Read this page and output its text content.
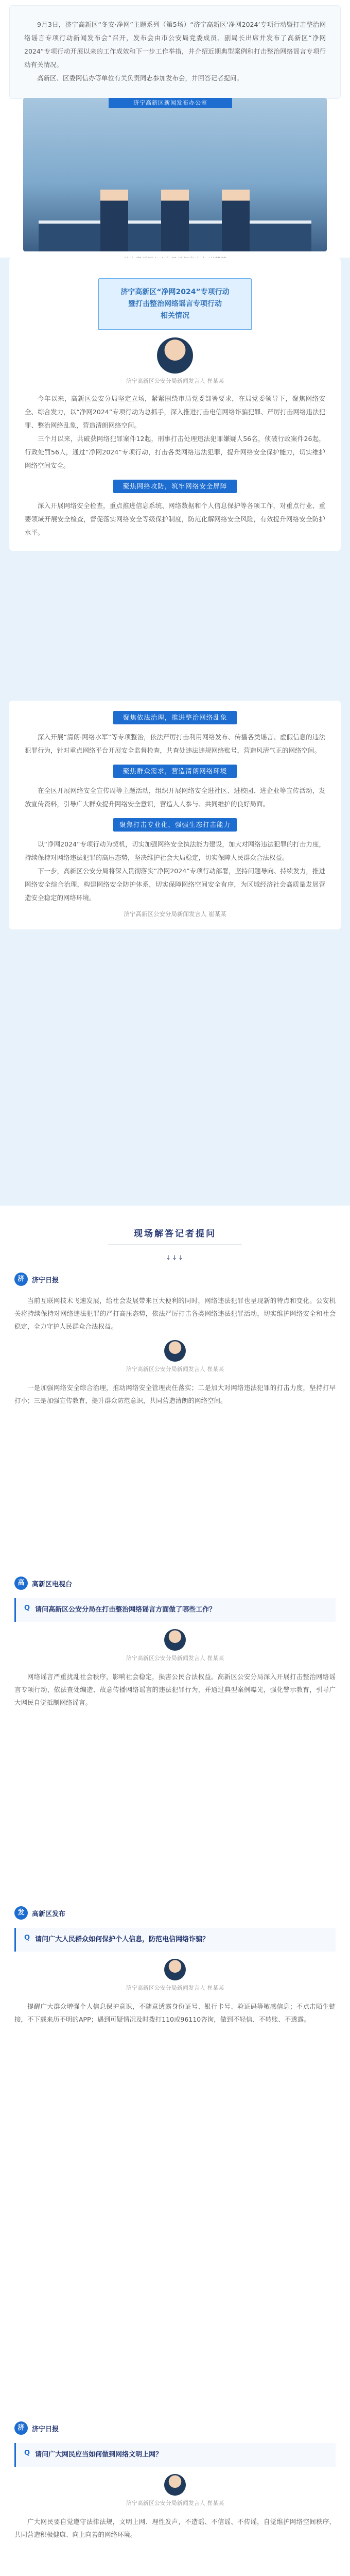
9月3日，济宁高新区“冬安·净网”主题系列（第5场）“济宁高新区‘净网2024’专项行动暨打击整治网络谣言专项行动新闻发布会”召开，发布会由市公安局党委成员、副局长出席并发布了高新区“净网2024”专项行动开展以来的工作成效和下一步工作举措，并介绍近期典型案例和打击整治网络谣言专项行动有关情况。

高新区、区委网信办等单位有关负责同志参加发布会，并回答记者提问。

济宁高新区新闻发布办公室
济宁高新区“净网2024”专项行动
暨打击整治网络谣言专项行动
相关情况
济宁高新区公安分局新闻发言人 崔某某

今年以来，高新区公安分局坚定立场，紧紧围绕市局党委部署要求，在局党委领导下，聚焦网络安全、综合发力，以“净网2024”专项行动为总抓手，深入推进打击电信网络诈骗犯罪、严厉打击网络违法犯罪、整治网络乱象，营造清朗网络空间。

三个月以来，共破获网络犯罪案件12起，刑事打击处理违法犯罪嫌疑人56名，侦破行政案件26起，行政处罚56人，通过“净网2024”专项行动，打击各类网络违法犯罪，提升网络安全保护能力，切实维护网络空间安全。

聚焦网络攻防，筑牢网络安全屏障

深入开展网络安全检查，重点推进信息系统、网络数据和个人信息保护等各项工作，对重点行业、重要领域开展安全检查，督促落实网络安全等级保护制度，防范化解网络安全风险，有效提升网络安全防护水平。

聚焦依法治理，推进整治网络乱象

深入开展“清朗·网络水军”等专项整治，依法严厉打击利用网络发布、传播各类谣言、虚假信息的违法犯罪行为，针对重点网络平台开展安全监督检查，共查处违法违规网络账号，营造风清气正的网络空间。

聚焦群众需求，营造清朗网络环境

在全区开展网络安全宣传周等主题活动，组织开展网络安全进社区、进校园、进企业等宣传活动，发放宣传资料，引导广大群众提升网络安全意识，营造人人参与、共同维护的良好局面。

聚焦打击专业化，强强生态打击能力

以“净网2024”专项行动为契机，切实加强网络安全执法能力建设，加大对网络违法犯罪的打击力度，持续保持对网络违法犯罪的高压态势，坚决维护社会大局稳定，切实保障人民群众合法权益。

下一步，高新区公安分局将深入贯彻落实“净网2024”专项行动部署，坚持问题导向、持续发力，推进网络安全综合治理，构建网络安全防护体系，切实保障网络空间安全有序，为区域经济社会高质量发展营造安全稳定的网络环境。

济宁高新区公安分局新闻发言人 崔某某
现场解答记者提问
↓↓↓
济	济宁日报

当前互联网技术飞速发展，给社会发展带来巨大便利的同时，网络违法犯罪也呈现新的特点和变化。公安机关将持续保持对网络违法犯罪的严打高压态势，依法严厉打击各类网络违法犯罪活动，切实维护网络安全和社会稳定，全力守护人民群众合法权益。

济宁高新区公安分局新闻发言人 崔某某

一是加强网络安全综合治理，推动网络安全管理责任落实；二是加大对网络违法犯罪的打击力度，坚持打早打小；三是加强宣传教育，提升群众防范意识，共同营造清朗的网络空间。

高	高新区电视台
Q 请问高新区公安分局在打击整治网络谣言方面做了哪些工作？
济宁高新区公安分局新闻发言人 崔某某

网络谣言严重扰乱社会秩序，影响社会稳定，损害公民合法权益。高新区公安分局深入开展打击整治网络谣言专项行动，依法查处编造、故意传播网络谣言的违法犯罪行为，并通过典型案例曝光，强化警示教育，引导广大网民自觉抵制网络谣言。

发	高新区发布
Q 请问广大人民群众如何保护个人信息，防范电信网络诈骗？
济宁高新区公安分局新闻发言人 崔某某

提醒广大群众增强个人信息保护意识，不随意透露身份证号、银行卡号、验证码等敏感信息；不点击陌生链接，不下载来历不明的APP；遇到可疑情况及时拨打110或96110咨询，做到不轻信、不转账、不透露。

济	济宁日报
Q 请问广大网民应当如何做到网络文明上网？
济宁高新区公安分局新闻发言人 崔某某

广大网民要自觉遵守法律法规，文明上网、理性发声，不造谣、不信谣、不传谣，自觉维护网络空间秩序，共同营造积极健康、向上向善的网络环境。
